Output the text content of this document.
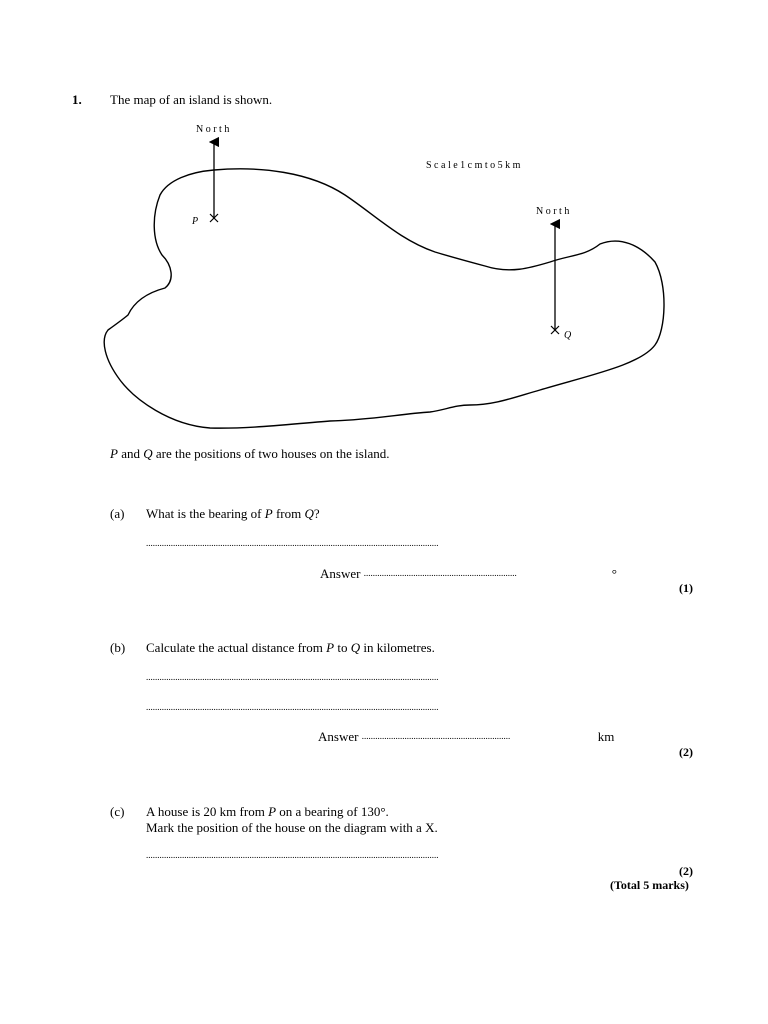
1. The map of an island is shown.
N o r t h
P
S c a l e 1 c m t o 5 k m
N o r t h
Q
P and Q are the positions of two houses on the island.
(a) What is the bearing of P from Q?
..................................................................................................................................
Answer ....................................................................	°
(1)
(b) Calculate the actual distance from P to Q in kilometres.
..................................................................................................................................
..................................................................................................................................
Answer ..................................................................	km
(2)
(c) A house is 20 km from P on a bearing of 130°.
Mark the position of the house on the diagram with a X.
..................................................................................................................................
(2)
(Total 5 marks)
